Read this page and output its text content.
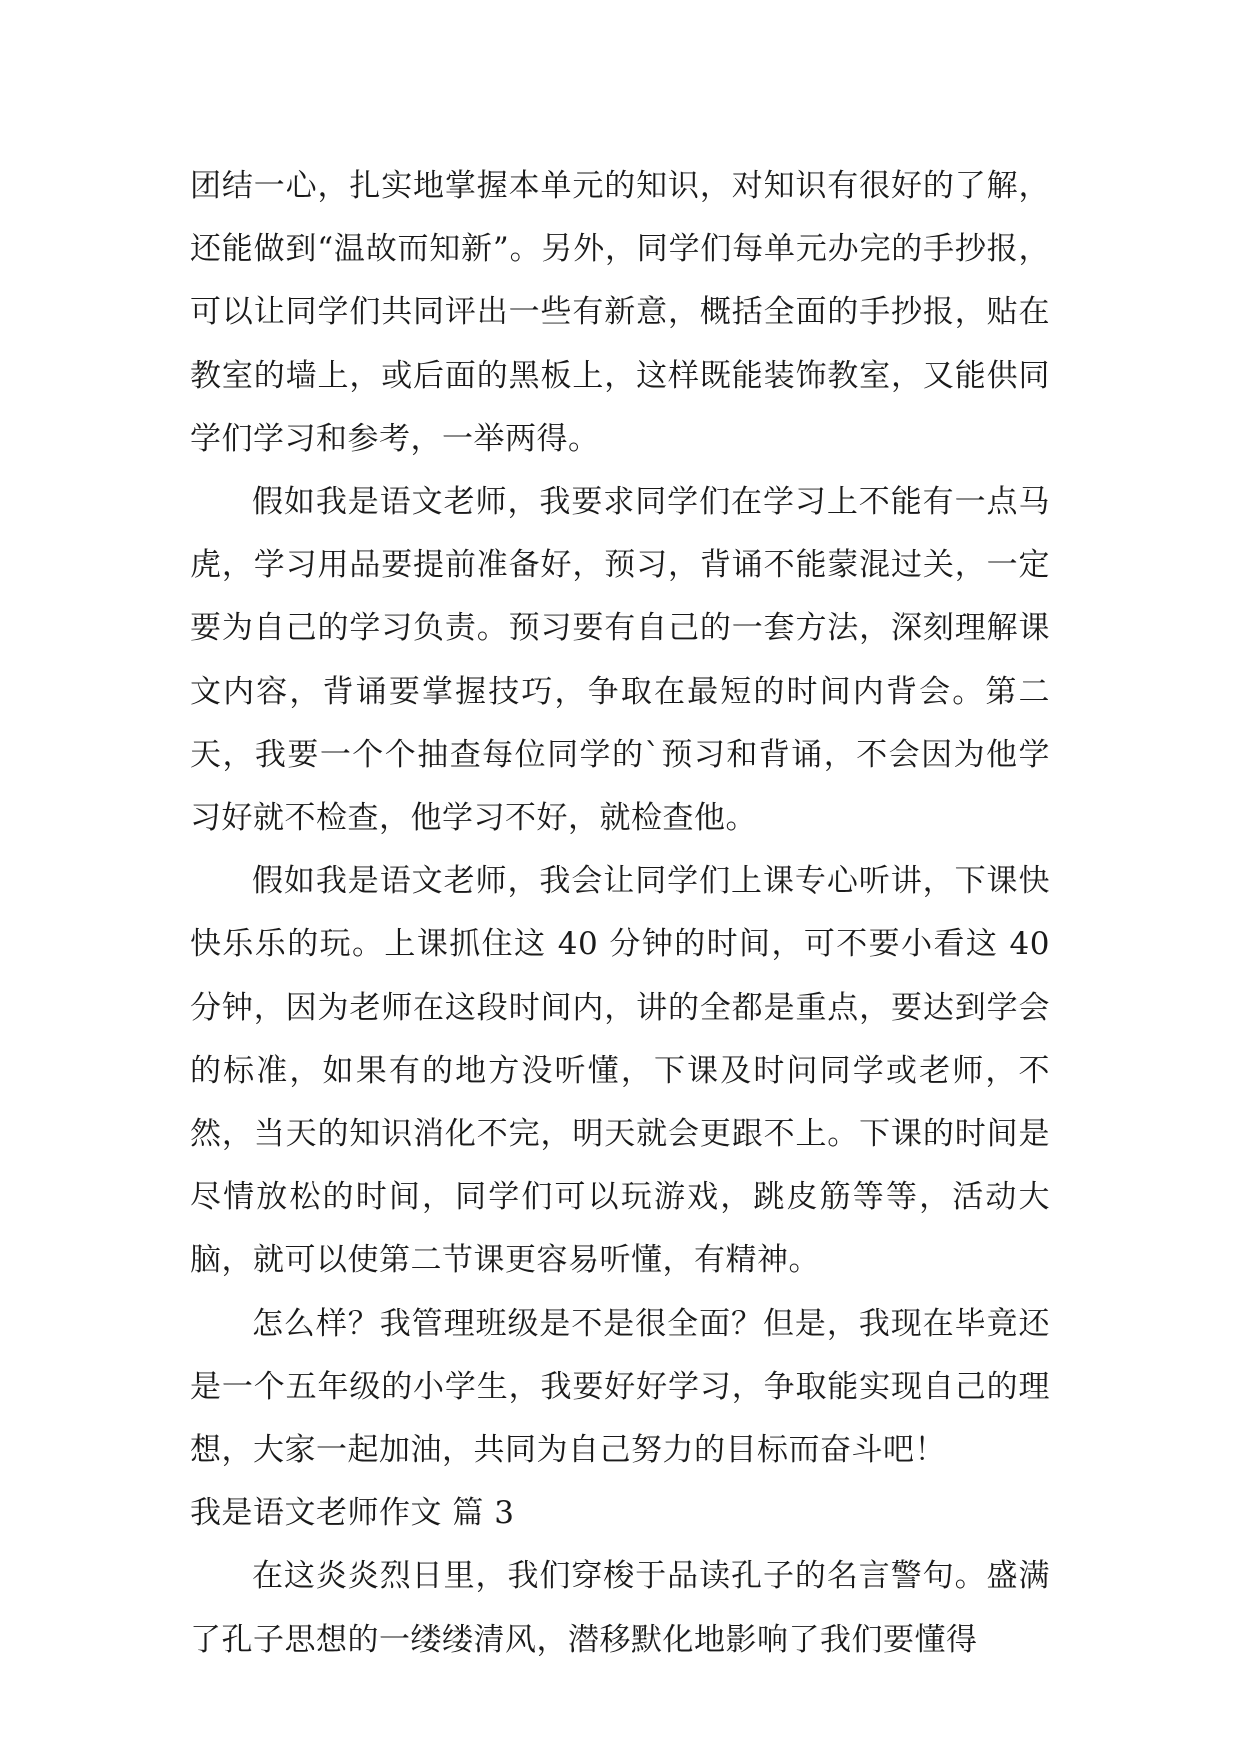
团结一心，扎实地掌握本单元的知识，对知识有很好的了解，还能做到“温故而知新”。另外，同学们每单元办完的手抄报，可以让同学们共同评出一些有新意，概括全面的手抄报，贴在教室的墙上，或后面的黑板上，这样既能装饰教室，又能供同学们学习和参考，一举两得。

假如我是语文老师，我要求同学们在学习上不能有一点马虎，学习用品要提前准备好，预习，背诵不能蒙混过关，一定要为自己的学习负责。预习要有自己的一套方法，深刻理解课文内容，背诵要掌握技巧，争取在最短的时间内背会。第二天，我要一个个抽查每位同学的`预习和背诵，不会因为他学习好就不检查，他学习不好，就检查他。

假如我是语文老师，我会让同学们上课专心听讲，下课快快乐乐的玩。上课抓住这 40 分钟的时间，可不要小看这 40 分钟，因为老师在这段时间内，讲的全都是重点，要达到学会的标准，如果有的地方没听懂，下课及时问同学或老师，不然，当天的知识消化不完，明天就会更跟不上。下课的时间是尽情放松的时间，同学们可以玩游戏，跳皮筋等等，活动大脑，就可以使第二节课更容易听懂，有精神。

怎么样？我管理班级是不是很全面？但是，我现在毕竟还是一个五年级的小学生，我要好好学习，争取能实现自己的理想，大家一起加油，共同为自己努力的目标而奋斗吧！

我是语文老师作文 篇 3

在这炎炎烈日里，我们穿梭于品读孔子的名言警句。盛满了孔子思想的一缕缕清风，潜移默化地影响了我们要懂得
